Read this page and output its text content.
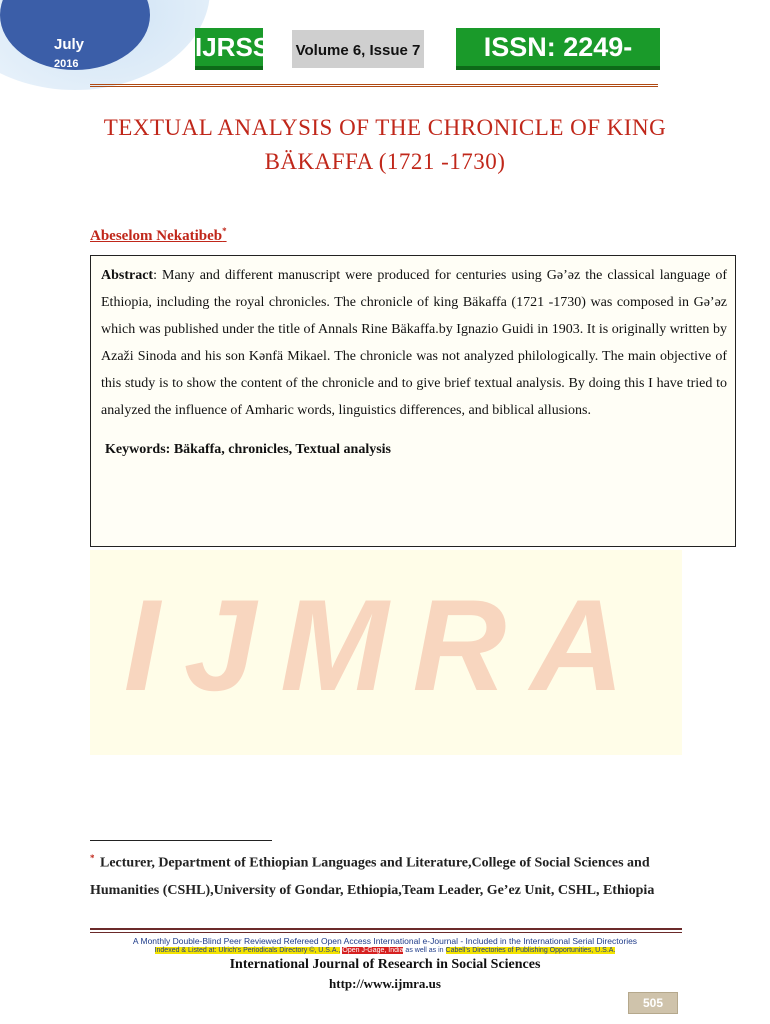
July
2016
IJRSS Volume 6, Issue 7	ISSN: 2249-2496
TEXTUAL ANALYSIS OF THE CHRONICLE OF KING
BÄKAFFA (1721 -1730)
Abeselom Nekatibeb*
IJMRA

Abstract: Many and different manuscript were produced for centuries using Gə’əz the classical language of Ethiopia, including the royal chronicles. The chronicle of king Bäkaffa (1721 -1730) was composed in Gə’əz which was published under the title of Annals Rine Bäkaffa.by Ignazio Guidi in 1903. It is originally written by Azaži Sinoda and his son Kənfä Mikael. The chronicle was not analyzed philologically. The main objective of this study is to show the content of the chronicle and to give brief textual analysis. By doing this I have tried to analyzed the influence of Amharic words, linguistics differences, and biblical allusions.

Keywords: Bäkaffa, chronicles, Textual analysis

* Lecturer, Department of Ethiopian Languages and Literature,College of Social Sciences and Humanities (CSHL),University of Gondar, Ethiopia,Team Leader, Ge’ez Unit, CSHL, Ethiopia

A Monthly Double-Blind Peer Reviewed Refereed Open Access International e-Journal - Included in the International Serial Directories
Indexed & Listed at: Ulrich's Periodicals Directory ©, U.S.A., Open J-Gage, India as well as in Cabell’s Directories of Publishing Opportunities, U.S.A.
International Journal of Research in Social Sciences
http://www.ijmra.us
505
